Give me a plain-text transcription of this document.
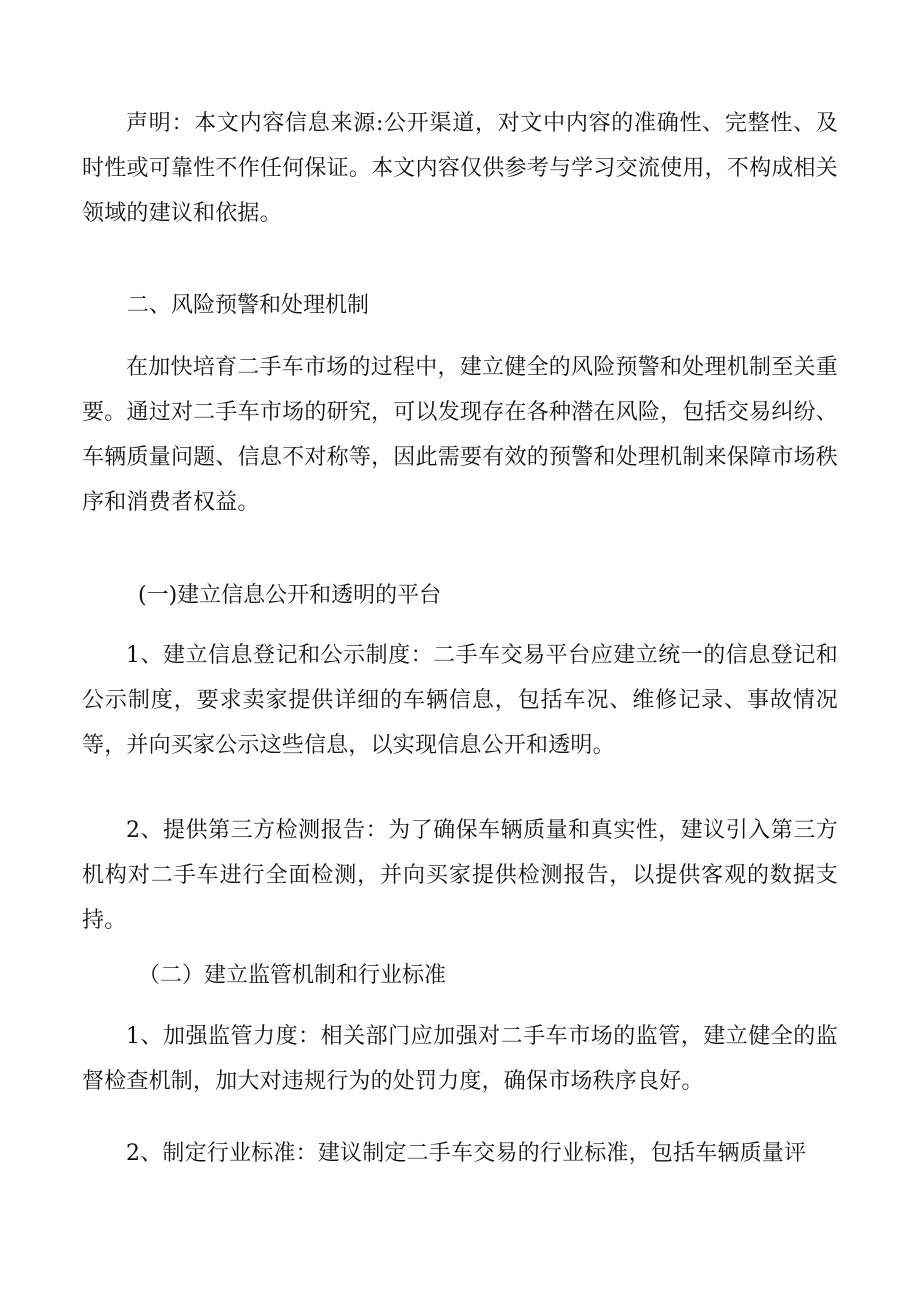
声明：本文内容信息来源:公开渠道，对文中内容的准确性、完整性、及时性或可靠性不作任何保证。本文内容仅供参考与学习交流使用，不构成相关领域的建议和依据。

二、风险预警和处理机制

在加快培育二手车市场的过程中，建立健全的风险预警和处理机制至关重要。通过对二手车市场的研究，可以发现存在各种潜在风险，包括交易纠纷、车辆质量问题、信息不对称等，因此需要有效的预警和处理机制来保障市场秩序和消费者权益。

(一)建立信息公开和透明的平台

1、建立信息登记和公示制度：二手车交易平台应建立统一的信息登记和公示制度，要求卖家提供详细的车辆信息，包括车况、维修记录、事故情况等，并向买家公示这些信息，以实现信息公开和透明。

2、提供第三方检测报告：为了确保车辆质量和真实性，建议引入第三方机构对二手车进行全面检测，并向买家提供检测报告，以提供客观的数据支持。

（二）建立监管机制和行业标准

1、加强监管力度：相关部门应加强对二手车市场的监管，建立健全的监督检查机制，加大对违规行为的处罚力度，确保市场秩序良好。

2、制定行业标准：建议制定二手车交易的行业标准，包括车辆质量评
